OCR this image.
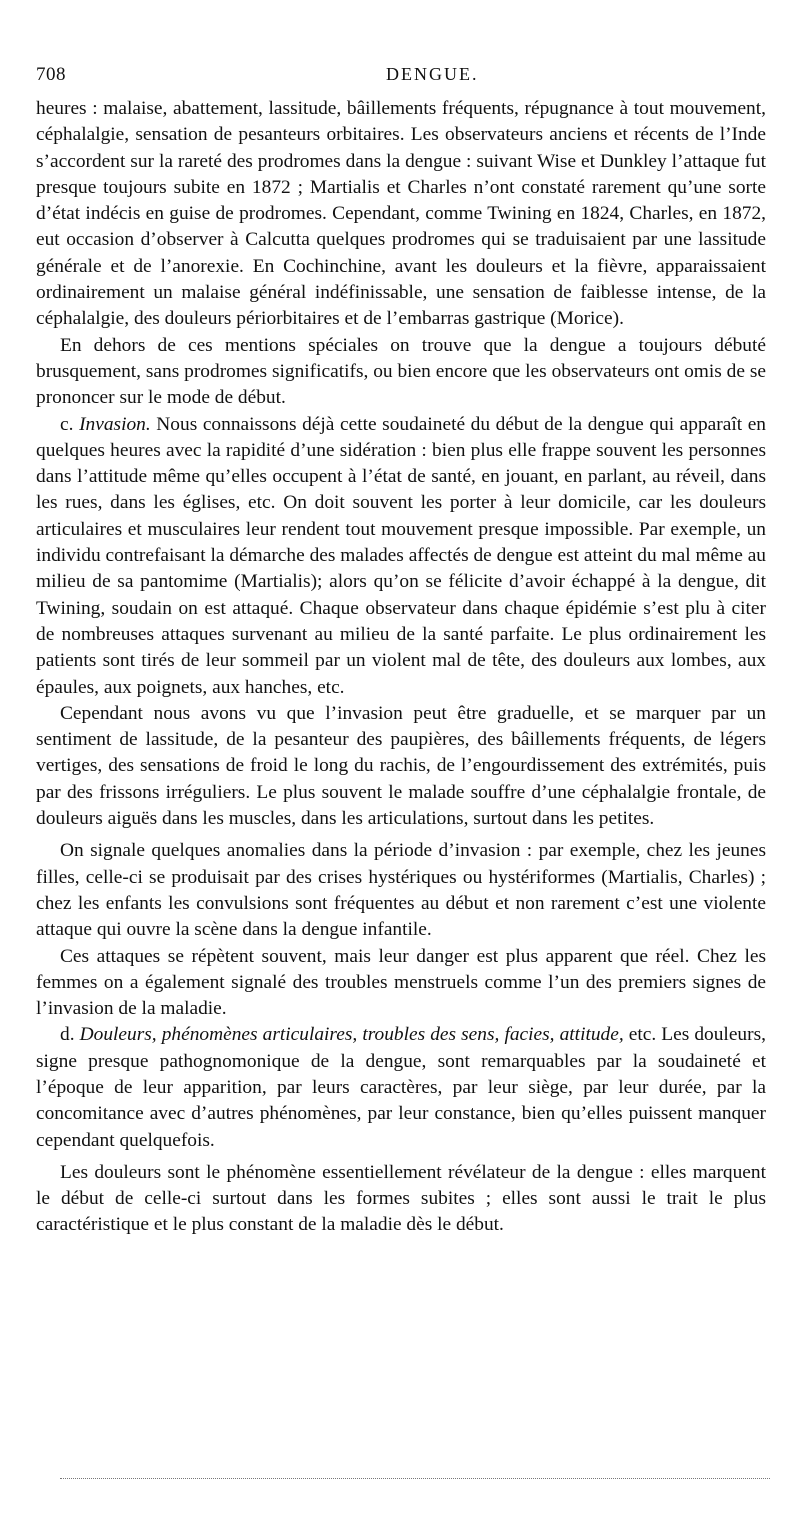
708	DENGUE.

heures : malaise, abattement, lassitude, bâillements fréquents, répugnance à tout mouvement, céphalalgie, sensation de pesanteurs orbitaires. Les observateurs anciens et récents de l’Inde s’accordent sur la rareté des prodromes dans la dengue : suivant Wise et Dunkley l’attaque fut presque toujours subite en 1872 ; Martialis et Charles n’ont constaté rarement qu’une sorte d’état indécis en guise de prodromes. Cependant, comme Twining en 1824, Charles, en 1872, eut occasion d’observer à Calcutta quelques prodromes qui se traduisaient par une lassitude générale et de l’anorexie. En Cochinchine, avant les douleurs et la fièvre, apparaissaient ordinairement un malaise général indéfinissable, une sensation de faiblesse intense, de la céphalalgie, des douleurs périorbitaires et de l’embarras gastrique (Morice).

En dehors de ces mentions spéciales on trouve que la dengue a toujours débuté brusquement, sans prodromes significatifs, ou bien encore que les observateurs ont omis de se prononcer sur le mode de début.

c. Invasion. Nous connaissons déjà cette soudaineté du début de la dengue qui apparaît en quelques heures avec la rapidité d’une sidération : bien plus elle frappe souvent les personnes dans l’attitude même qu’elles occupent à l’état de santé, en jouant, en parlant, au réveil, dans les rues, dans les églises, etc. On doit souvent les porter à leur domicile, car les douleurs articulaires et musculaires leur rendent tout mouvement presque impossible. Par exemple, un individu contrefaisant la démarche des malades affectés de dengue est atteint du mal même au milieu de sa pantomime (Martialis); alors qu’on se félicite d’avoir échappé à la dengue, dit Twining, soudain on est attaqué. Chaque observateur dans chaque épidémie s’est plu à citer de nombreuses attaques survenant au milieu de la santé parfaite. Le plus ordinairement les patients sont tirés de leur sommeil par un violent mal de tête, des douleurs aux lombes, aux épaules, aux poignets, aux hanches, etc.

Cependant nous avons vu que l’invasion peut être graduelle, et se marquer par un sentiment de lassitude, de la pesanteur des paupières, des bâillements fréquents, de légers vertiges, des sensations de froid le long du rachis, de l’engourdissement des extrémités, puis par des frissons irréguliers. Le plus souvent le malade souffre d’une céphalalgie frontale, de douleurs aiguës dans les muscles, dans les articulations, surtout dans les petites.

On signale quelques anomalies dans la période d’invasion : par exemple, chez les jeunes filles, celle-ci se produisait par des crises hystériques ou hystériformes (Martialis, Charles) ; chez les enfants les convulsions sont fréquentes au début et non rarement c’est une violente attaque qui ouvre la scène dans la dengue infantile.

Ces attaques se répètent souvent, mais leur danger est plus apparent que réel. Chez les femmes on a également signalé des troubles menstruels comme l’un des premiers signes de l’invasion de la maladie.

d. Douleurs, phénomènes articulaires, troubles des sens, facies, attitude, etc. Les douleurs, signe presque pathognomonique de la dengue, sont remarquables par la soudaineté et l’époque de leur apparition, par leurs caractères, par leur siège, par leur durée, par la concomitance avec d’autres phénomènes, par leur constance, bien qu’elles puissent manquer cependant quelquefois.

Les douleurs sont le phénomène essentiellement révélateur de la dengue : elles marquent le début de celle-ci surtout dans les formes subites ; elles sont aussi le trait le plus caractéristique et le plus constant de la maladie dès le début.
